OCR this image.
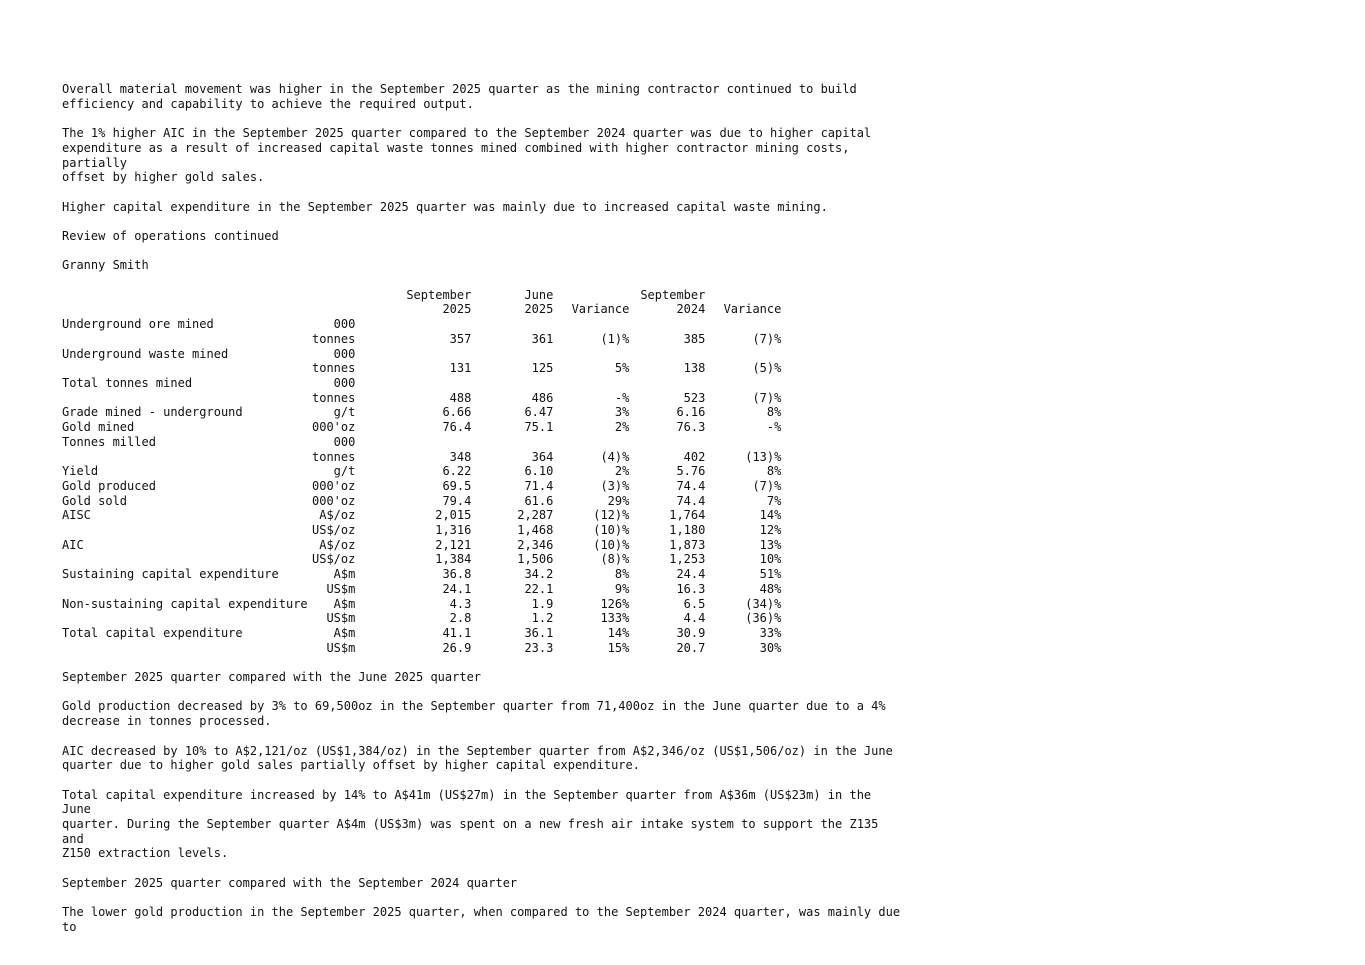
Overall material movement was higher in the September 2025 quarter as the mining contractor continued to build
efficiency and capability to achieve the required output.
The 1% higher AIC in the September 2025 quarter compared to the September 2024 quarter was due to higher capital
expenditure as a result of increased capital waste tonnes mined combined with higher contractor mining costs, partially
offset by higher gold sales.
Higher capital expenditure in the September 2025 quarter was mainly due to increased capital waste mining.
Review of operations continued
Granny Smith
		September	June		September	
		2025	2025	Variance	2024	Variance
Underground ore mined	000					
	tonnes	357	361	(1)%	385	(7)%
Underground waste mined	000					
	tonnes	131	125	5%	138	(5)%
Total tonnes mined	000					
	tonnes	488	486	-%	523	(7)%
Grade mined - underground	g/t	6.66	6.47	3%	6.16	8%
Gold mined	000'oz	76.4	75.1	2%	76.3	-%
Tonnes milled	000					
	tonnes	348	364	(4)%	402	(13)%
Yield	g/t	6.22	6.10	2%	5.76	8%
Gold produced	000'oz	69.5	71.4	(3)%	74.4	(7)%
Gold sold	000'oz	79.4	61.6	29%	74.4	7%
AISC	A$/oz	2,015	2,287	(12)%	1,764	14%
	US$/oz	1,316	1,468	(10)%	1,180	12%
AIC	A$/oz	2,121	2,346	(10)%	1,873	13%
	US$/oz	1,384	1,506	(8)%	1,253	10%
Sustaining capital expenditure	A$m	36.8	34.2	8%	24.4	51%
	US$m	24.1	22.1	9%	16.3	48%
Non-sustaining capital expenditure	A$m	4.3	1.9	126%	6.5	(34)%
	US$m	2.8	1.2	133%	4.4	(36)%
Total capital expenditure	A$m	41.1	36.1	14%	30.9	33%
	US$m	26.9	23.3	15%	20.7	30%
September 2025 quarter compared with the June 2025 quarter
Gold production decreased by 3% to 69,500oz in the September quarter from 71,400oz in the June quarter due to a 4%
decrease in tonnes processed.
AIC decreased by 10% to A$2,121/oz (US$1,384/oz) in the September quarter from A$2,346/oz (US$1,506/oz) in the June
quarter due to higher gold sales partially offset by higher capital expenditure.
Total capital expenditure increased by 14% to A$41m (US$27m) in the September quarter from A$36m (US$23m) in the June
quarter. During the September quarter A$4m (US$3m) was spent on a new fresh air intake system to support the Z135 and
Z150 extraction levels.
September 2025 quarter compared with the September 2024 quarter
The lower gold production in the September 2025 quarter, when compared to the September 2024 quarter, was mainly due to
